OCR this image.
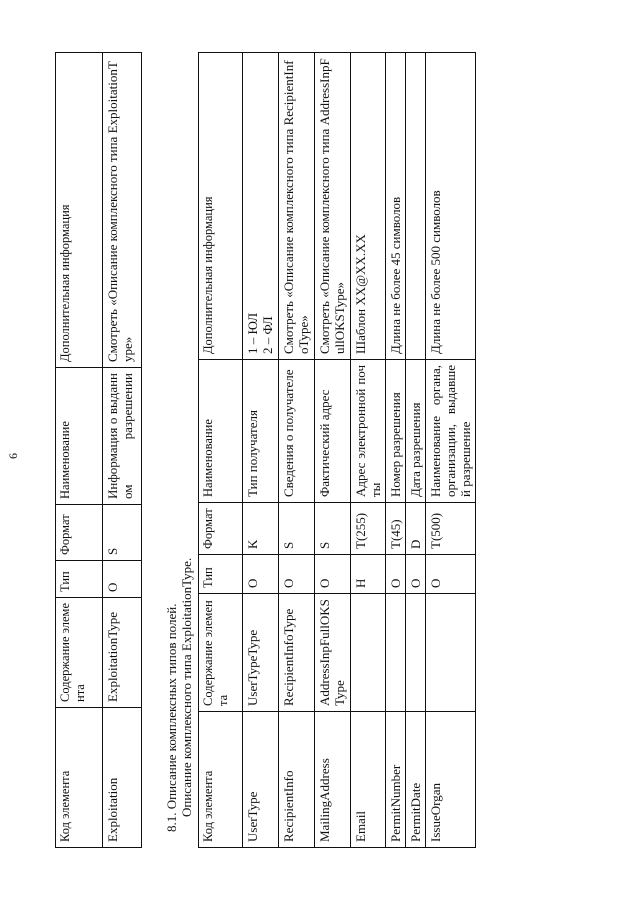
6
Код элемента	Содержание элемента	Тип	Формат	Наименование	Дополнительная информация
Exploitation	ExploitationType	O	S	Информация о выданном разрешении	Смотреть «Описание комплексного типа ExploitationType»
8.1. Описание комплексных типов полей. Описание комплексного типа ExploitationType. Код элемента	Содержание элемента	Тип	Формат	Наименование	Дополнительная информация
UserType	UserTypeType	O	K	Тип получателя	1 – ЮЛ
2 – ФЛ
RecipientInfo	RecipientInfoType	O	S	Сведения о получателе	Смотреть «Описание комплексного типа RecipientInfoType»
MailingAddress	AddressInpFullOKSType	O	S	Фактический адрес	Смотреть «Описание комплексного типа AddressInpFullOKSType»
Email		H	T(255)	Адрес электронной почты	Шаблон XX@XX.XX
PermitNumber		O	T(45)	Номер разрешения	Длина не более 45 символов
PermitDate		O	D	Дата разрешения	
IssueOrgan		O	T(500)	Наименование органа, организации, выдавшей разрешение	Длина не более 500 символов
